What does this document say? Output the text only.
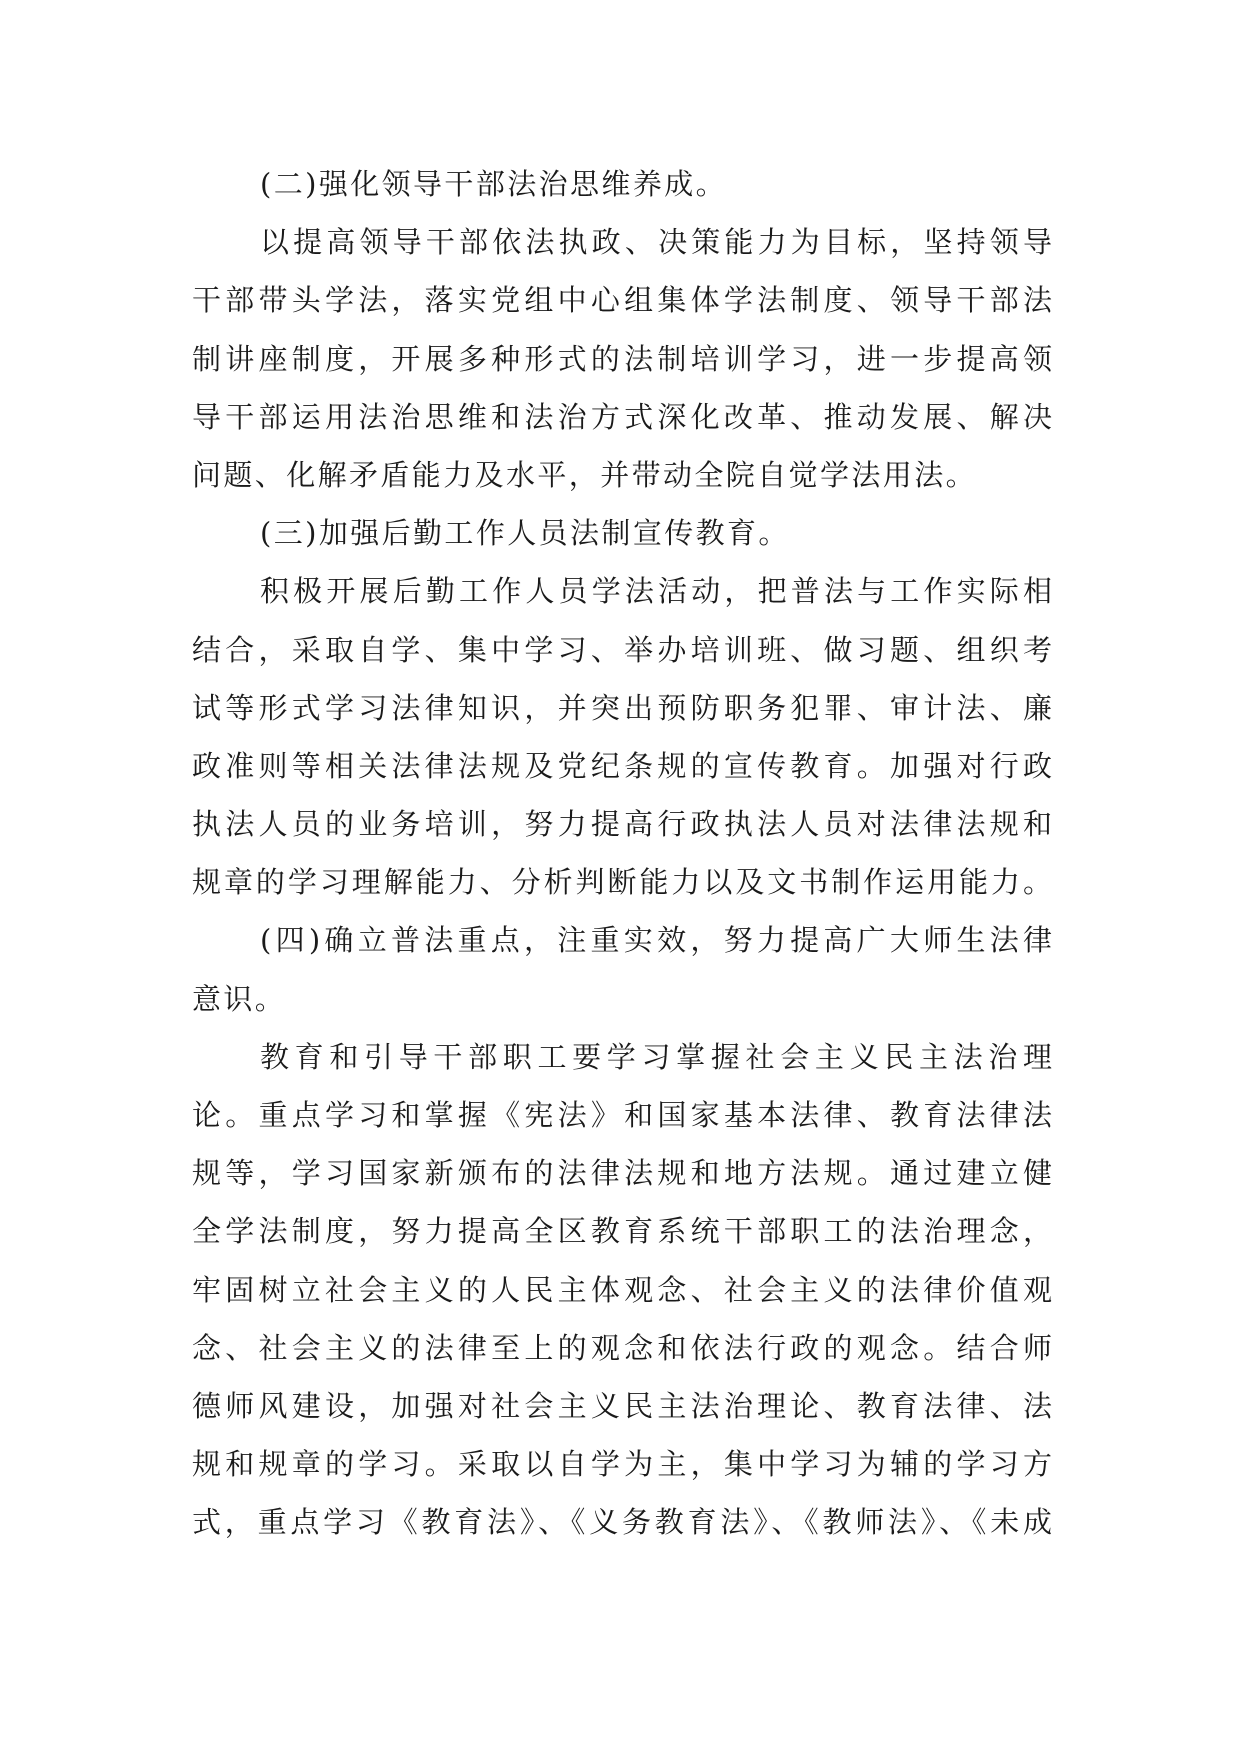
(二)强化领导干部法治思维养成。
以提高领导干部依法执政、决策能力为目标，坚持领导
干部带头学法，落实党组中心组集体学法制度、领导干部法
制讲座制度，开展多种形式的法制培训学习，进一步提高领
导干部运用法治思维和法治方式深化改革、推动发展、解决
问题、化解矛盾能力及水平，并带动全院自觉学法用法。
(三)加强后勤工作人员法制宣传教育。
积极开展后勤工作人员学法活动，把普法与工作实际相
结合，采取自学、集中学习、举办培训班、做习题、组织考
试等形式学习法律知识，并突出预防职务犯罪、审计法、廉
政准则等相关法律法规及党纪条规的宣传教育。加强对行政
执法人员的业务培训，努力提高行政执法人员对法律法规和
规章的学习理解能力、分析判断能力以及文书制作运用能力。
(四)确立普法重点，注重实效，努力提高广大师生法律
意识。
教育和引导干部职工要学习掌握社会主义民主法治理
论。重点学习和掌握《宪法》和国家基本法律、教育法律法
规等，学习国家新颁布的法律法规和地方法规。通过建立健
全学法制度，努力提高全区教育系统干部职工的法治理念，
牢固树立社会主义的人民主体观念、社会主义的法律价值观
念、社会主义的法律至上的观念和依法行政的观念。结合师
德师风建设，加强对社会主义民主法治理论、教育法律、法
规和规章的学习。采取以自学为主，集中学习为辅的学习方
式，重点学习《教育法》、《义务教育法》、《教师法》、《未成
